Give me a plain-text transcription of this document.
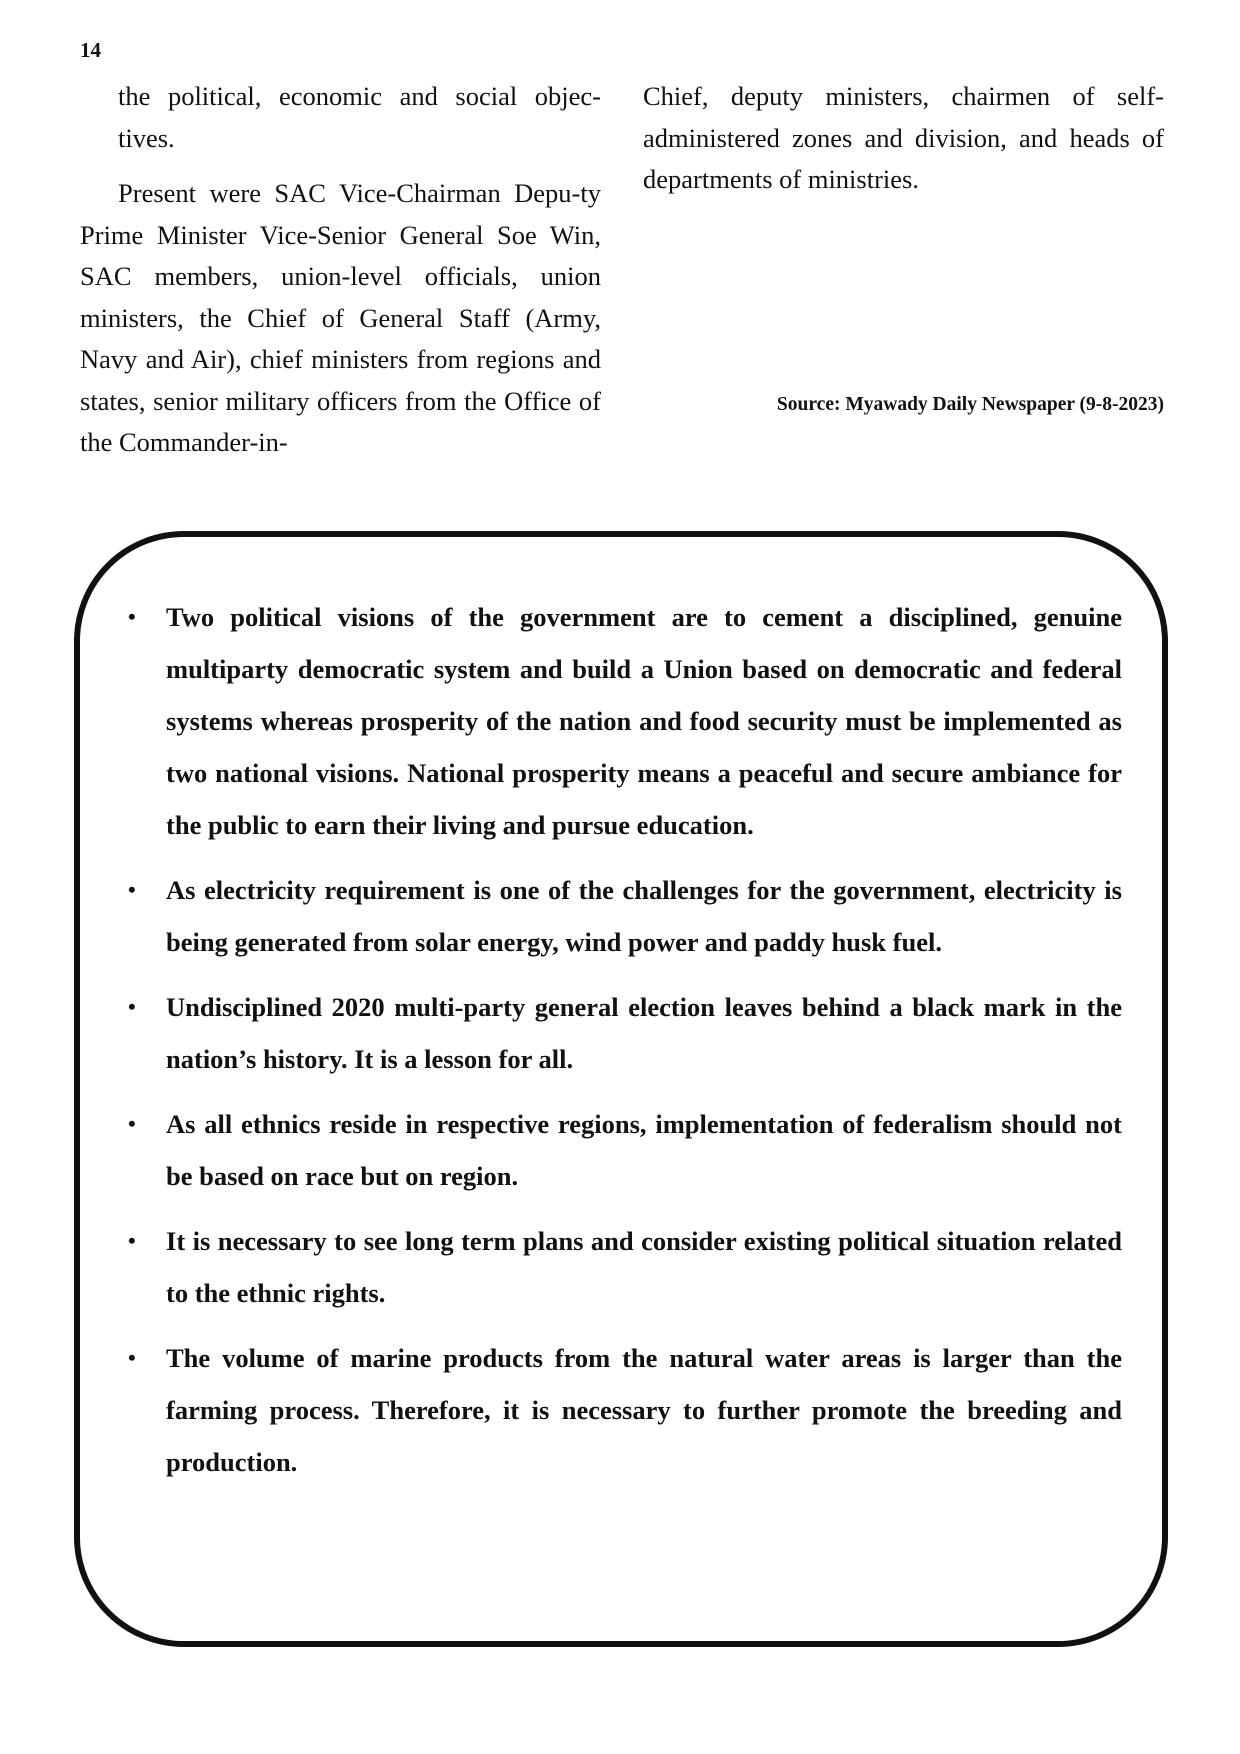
14

the political, economic and social objec-tives.

Present were SAC Vice-Chairman Depu-ty Prime Minister Vice-Senior General Soe Win, SAC members, union-level officials, union ministers, the Chief of General Staff (Army, Navy and Air), chief ministers from regions and states, senior military officers from the Office of the Commander-in-

Chief, deputy ministers, chairmen of self-administered zones and division, and heads of departments of ministries.

Source: Myawady Daily Newspaper (9-8-2023)
• Two political visions of the government are to cement a disciplined, genuine multiparty democratic system and build a Union based on democratic and federal systems whereas prosperity of the nation and food security must be implemented as two national visions. National prosperity means a peaceful and secure ambiance for the public to earn their living and pursue education.
• As electricity requirement is one of the challenges for the government, electricity is being generated from solar energy, wind power and paddy husk fuel.
• Undisciplined 2020 multi-party general election leaves behind a black mark in the nation’s history. It is a lesson for all.
• As all ethnics reside in respective regions, implementation of federalism should not be based on race but on region.
• It is necessary to see long term plans and consider existing political situation related to the ethnic rights.
• The volume of marine products from the natural water areas is larger than the farming process. Therefore, it is necessary to further promote the breeding and production.
